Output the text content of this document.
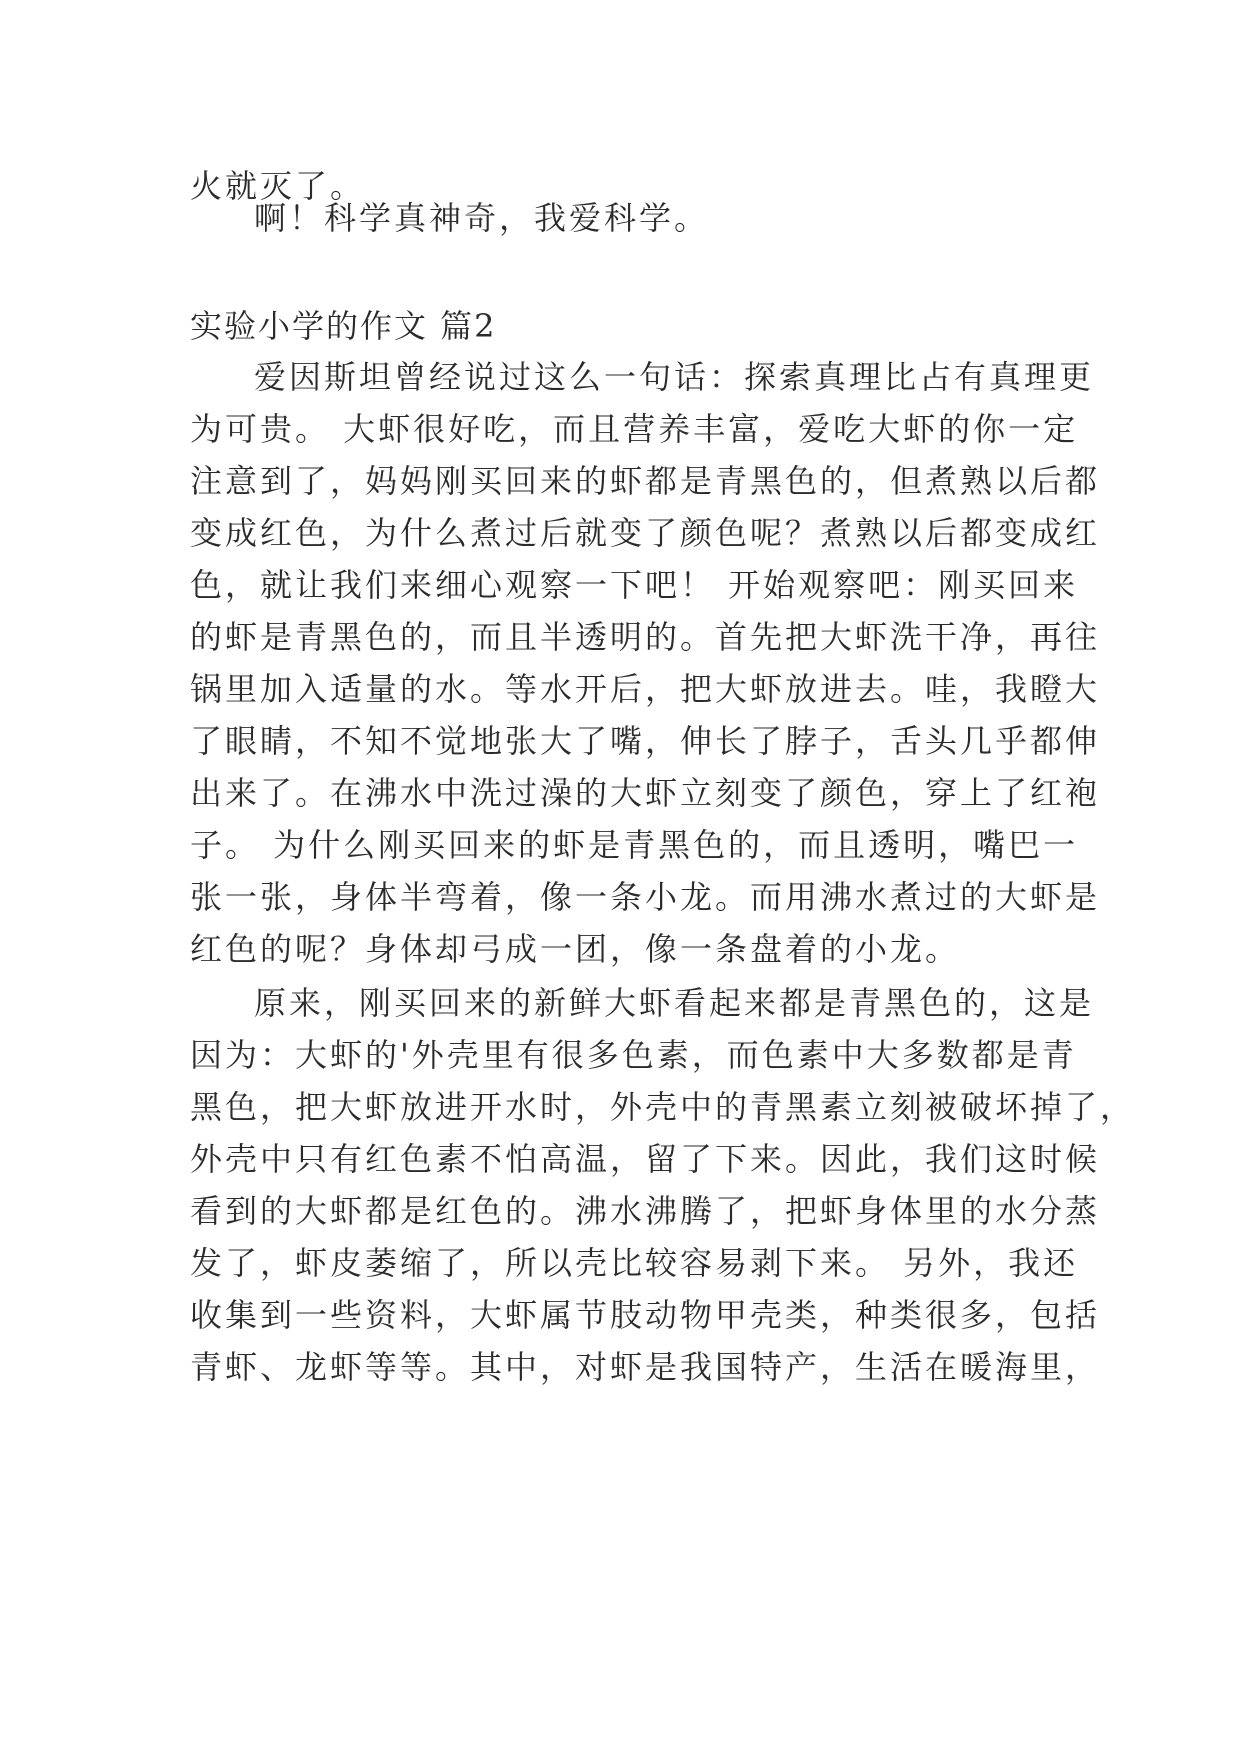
火就灭了。
啊！科学真神奇，我爱科学。
实验小学的作文 篇2
爱因斯坦曾经说过这么一句话：探索真理比占有真理更
为可贵。 大虾很好吃，而且营养丰富，爱吃大虾的你一定
注意到了，妈妈刚买回来的虾都是青黑色的，但煮熟以后都
变成红色，为什么煮过后就变了颜色呢？煮熟以后都变成红
色，就让我们来细心观察一下吧！ 开始观察吧：刚买回来
的虾是青黑色的，而且半透明的。首先把大虾洗干净，再往
锅里加入适量的水。等水开后，把大虾放进去。哇，我瞪大
了眼睛，不知不觉地张大了嘴，伸长了脖子，舌头几乎都伸
出来了。在沸水中洗过澡的大虾立刻变了颜色，穿上了红袍
子。 为什么刚买回来的虾是青黑色的，而且透明，嘴巴一
张一张，身体半弯着，像一条小龙。而用沸水煮过的大虾是
红色的呢？身体却弓成一团，像一条盘着的小龙。
原来，刚买回来的新鲜大虾看起来都是青黑色的，这是
因为：大虾的'外壳里有很多色素，而色素中大多数都是青
黑色，把大虾放进开水时，外壳中的青黑素立刻被破坏掉了，
外壳中只有红色素不怕高温，留了下来。因此，我们这时候
看到的大虾都是红色的。沸水沸腾了，把虾身体里的水分蒸
发了，虾皮萎缩了，所以壳比较容易剥下来。 另外，我还
收集到一些资料，大虾属节肢动物甲壳类，种类很多，包括
青虾、龙虾等等。其中，对虾是我国特产，生活在暖海里，
